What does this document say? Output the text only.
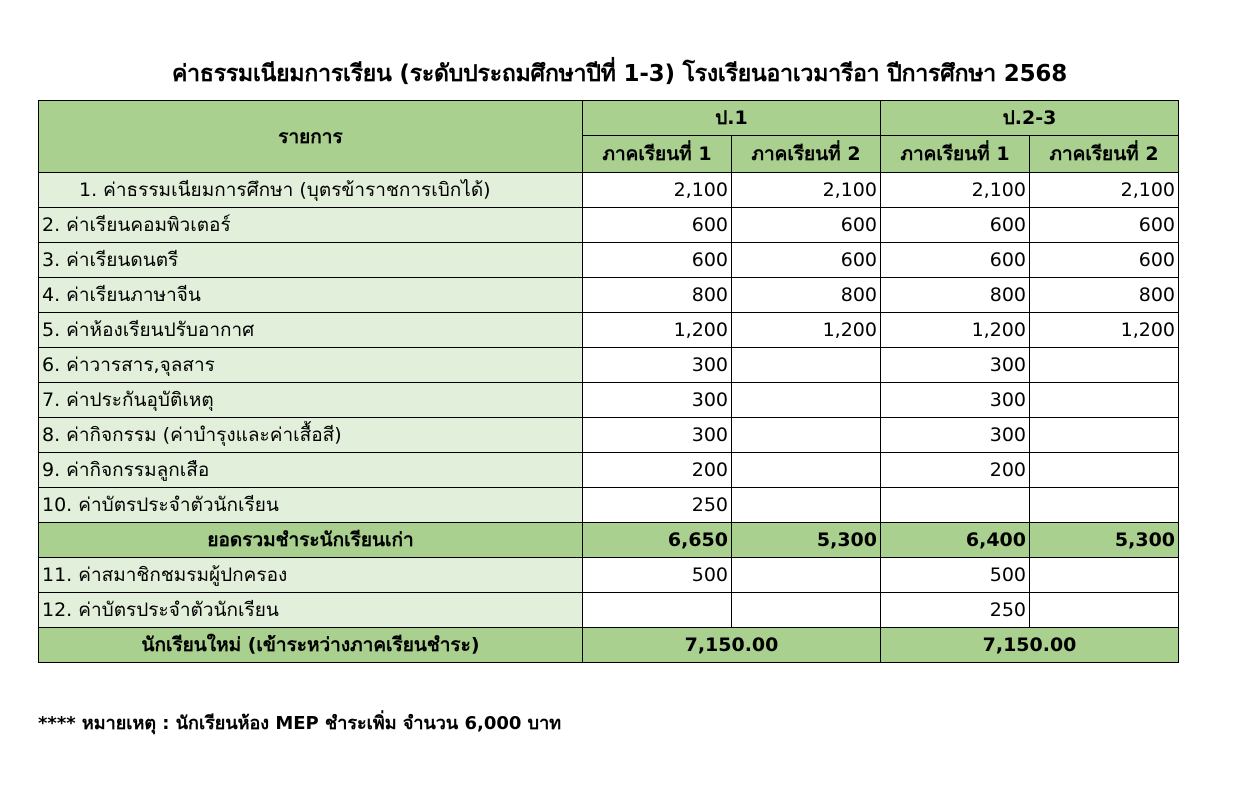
ค่าธรรมเนียมการเรียน (ระดับประถมศึกษาปีที่ 1-3) โรงเรียนอาเวมารีอา ปีการศึกษา 2568
รายการ	ป.1		ป.2-3	
	ภาคเรียนที่ 1	ภาคเรียนที่ 2	ภาคเรียนที่ 1	ภาคเรียนที่ 2
1. ค่าธรรมเนียมการศึกษา (บุตรข้าราชการเบิกได้)	2,100	2,100	2,100	2,100
2. ค่าเรียนคอมพิวเตอร์	600	600	600	600
3. ค่าเรียนดนตรี	600	600	600	600
4. ค่าเรียนภาษาจีน	800	800	800	800
5. ค่าห้องเรียนปรับอากาศ	1,200	1,200	1,200	1,200
6. ค่าวารสาร,จุลสาร	300		300	
7. ค่าประกันอุบัติเหตุ	300		300	
8. ค่ากิจกรรม (ค่าบำรุงและค่าเสื้อสี)	300		300	
9. ค่ากิจกรรมลูกเสือ	200		200	
10. ค่าบัตรประจำตัวนักเรียน	250			
ยอดรวมชำระนักเรียนเก่า	6,650	5,300	6,400	5,300
11. ค่าสมาชิกชมรมผู้ปกครอง	500		500	
12. ค่าบัตรประจำตัวนักเรียน			250	
นักเรียนใหม่ (เข้าระหว่างภาคเรียนชำระ)	7,150.00		7,150.00	
**** หมายเหตุ : นักเรียนห้อง MEP ชำระเพิ่ม จำนวน 6,000 บาท
